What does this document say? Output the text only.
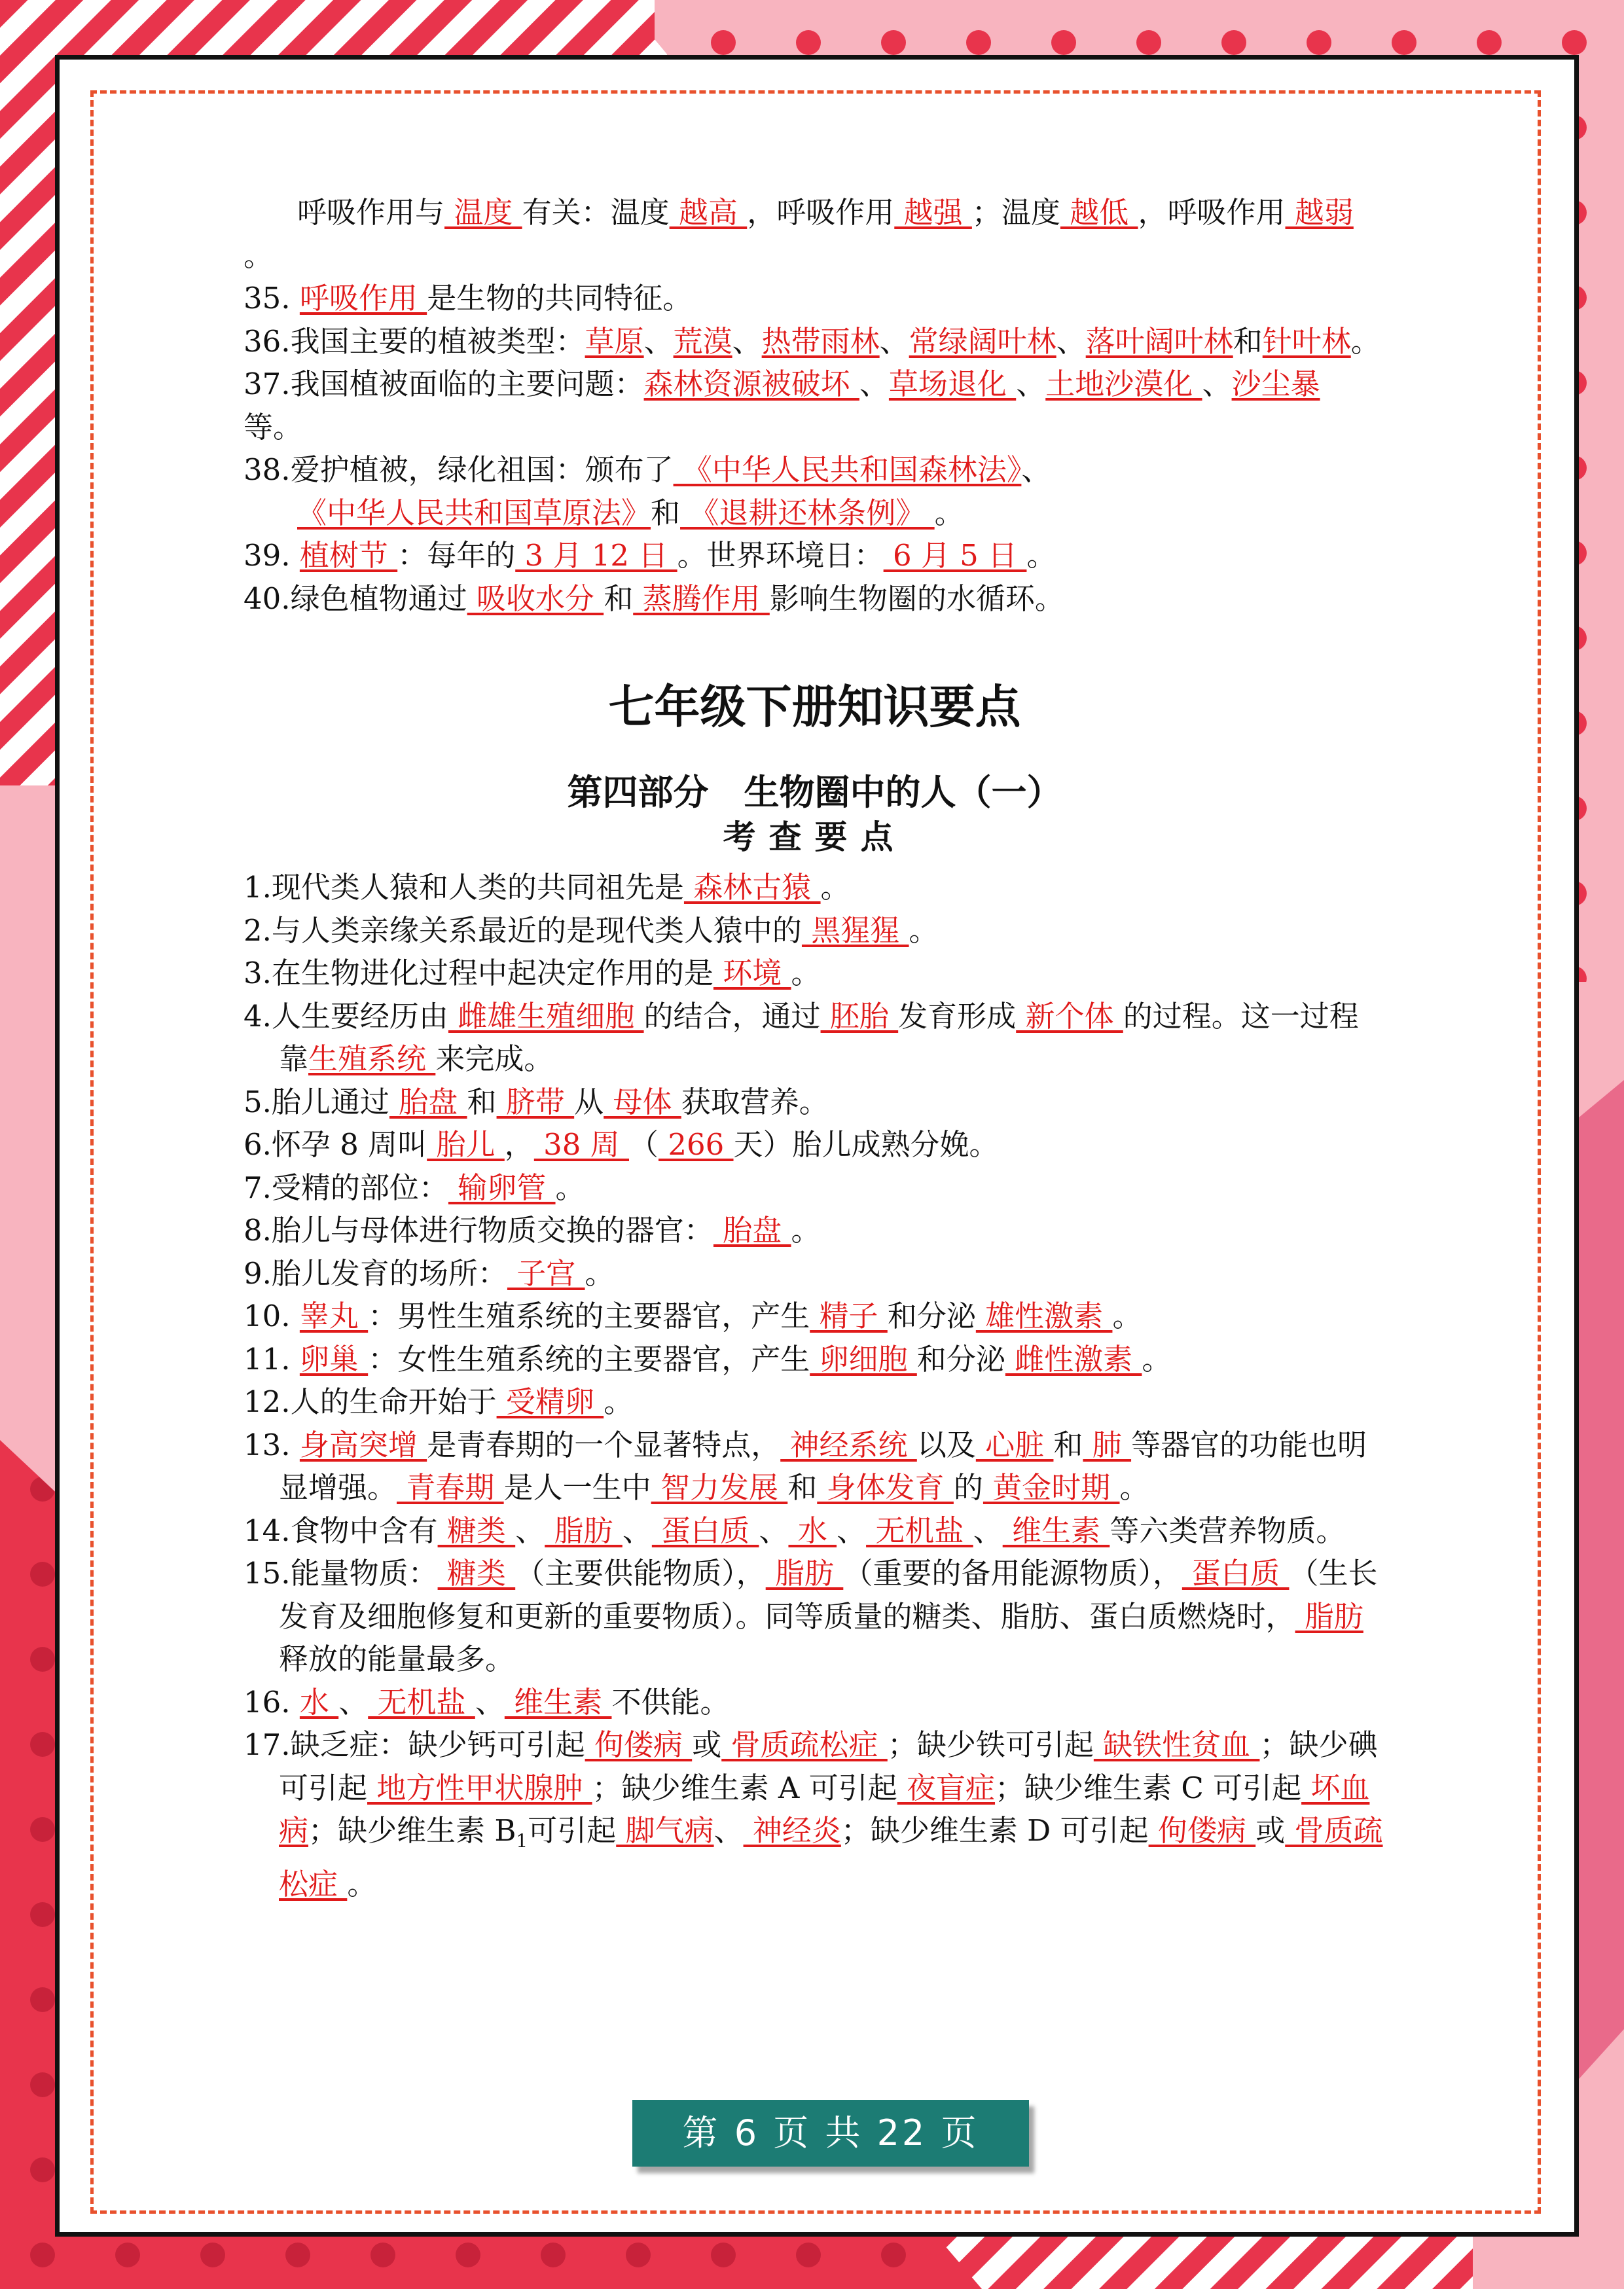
呼吸作用与 温度 有关：温度 越高 ，呼吸作用 越强 ；温度 越低 ，呼吸作用 越弱 。

35. 呼吸作用 是生物的共同特征。

36.我国主要的植被类型：草原、荒漠、热带雨林、常绿阔叶林、落叶阔叶林和针叶林。

37.我国植被面临的主要问题：森林资源被破坏 、草场退化 、土地沙漠化 、沙尘暴 等。

38.爱护植被，绿化祖国：颁布了 《中华人民共和国森林法》、《中华人民共和国草原法》和 《退耕还林条例》 。

39. 植树节 ：每年的 3 月 12 日 。世界环境日： 6 月 5 日 。

40.绿色植物通过 吸收水分 和 蒸腾作用 影响生物圈的水循环。

七年级下册知识要点
第四部分　生物圈中的人（一）
考查要点

1.现代类人猿和人类的共同祖先是 森林古猿 。

2.与人类亲缘关系最近的是现代类人猿中的 黑猩猩 。

3.在生物进化过程中起决定作用的是 环境 。

4.人生要经历由 雌雄生殖细胞 的结合，通过 胚胎 发育形成 新个体 的过程。这一过程靠生殖系统 来完成。

5.胎儿通过 胎盘 和 脐带 从 母体 获取营养。

6.怀孕 8 周叫 胎儿 ， 38 周 （ 266 天）胎儿成熟分娩。

7.受精的部位： 输卵管 。

8.胎儿与母体进行物质交换的器官： 胎盘 。

9.胎儿发育的场所： 子宫 。

10. 睾丸 ：男性生殖系统的主要器官，产生 精子 和分泌 雄性激素 。

11. 卵巢 ：女性生殖系统的主要器官，产生 卵细胞 和分泌 雌性激素 。

12.人的生命开始于 受精卵 。

13. 身高突增 是青春期的一个显著特点， 神经系统 以及 心脏 和 肺 等器官的功能也明显增强。 青春期 是人一生中 智力发展 和 身体发育 的 黄金时期 。

14.食物中含有 糖类 、 脂肪 、 蛋白质 、 水 、 无机盐 、 维生素 等六类营养物质。

15.能量物质： 糖类 （主要供能物质）， 脂肪 （重要的备用能源物质）， 蛋白质 （生长发育及细胞修复和更新的重要物质）。同等质量的糖类、脂肪、蛋白质燃烧时， 脂肪 释放的能量最多。

16. 水 、 无机盐 、 维生素 不供能。

17.缺乏症：缺少钙可引起 佝偻病 或 骨质疏松症 ；缺少铁可引起 缺铁性贫血 ；缺少碘可引起 地方性甲状腺肿 ；缺少维生素 A 可引起 夜盲症；缺少维生素 C 可引起 坏血病；缺少维生素 $B_1$可引起 脚气病、 神经炎；缺少维生素 D 可引起 佝偻病 或 骨质疏松症 。

第 6 页 共 22 页
